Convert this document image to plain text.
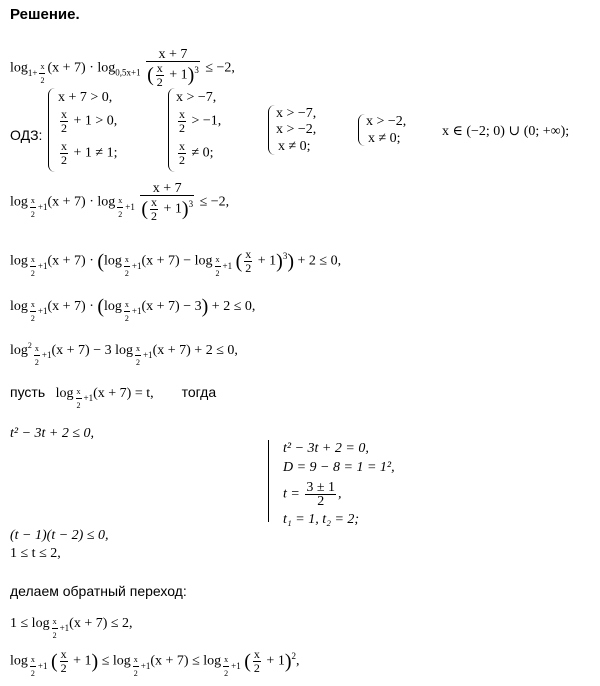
Решение.
$\log_{1+ \frac{x}{2}} (x + 7) \cdot \log_{0,5x+1} \frac{x + 7}{( \frac{x}{2} + 1)^3} \le -2$,
ОДЗ:
x + 7 > 0,
$\frac{x}{2} + 1 > 0$,
$\frac{x}{2} + 1 \ne 1$;
x > −7,
$\frac{x}{2} > -1$,
$\frac{x}{2} \ne 0$;
x > −7,
x > −2,
x ≠ 0;
x > −2,
x ≠ 0;	x ∈ (−2; 0) ∪ (0; +∞);
$\log _{\frac{x}{2} +1}(x + 7) \cdot \log _{\frac{x}{2} +1} \frac{x + 7}{( \frac{x}{2} + 1)^3} \le -2$,
log $_{\frac{x}{2} +1}$(x + 7) · (log $_{\frac{x}{2} +1}$(x + 7) − log $_{\frac{x}{2} +1}$ ( $\frac{x}{2} + 1)^3) + 2 \le 0$,
log $_{\frac{x}{2} +1}$(x + 7) · (log $_{\frac{x}{2} +1}$(x + 7) − 3) + 2 ≤ 0,
$\log^2 _{\frac{x}{2} +1}(x + 7) - 3$ log $_{\frac{x}{2} +1}$(x + 7) + 2 ≤ 0,
пусть   log $_{\frac{x}{2} +1}$(x + 7) = t, тогда
t² − 3t + 2 ≤ 0,
t² − 3t + 2 = 0,
D = 9 − 8 = 1 = 1²,
$t = \frac{3 \pm 1}{2}$ ,
t₁ = 1, t₂ = 2;
(t − 1)(t − 2) ≤ 0,
1 ≤ t ≤ 2,
делаем обратный переход:
1 ≤ log $_{\frac{x}{2} +1}$(x + 7) ≤ 2,
log $_{\frac{x}{2} +1}$ ( $\frac{x}{2} + 1) \le \log _{\frac{x}{2} +1}(x + 7) \le \log _{\frac{x}{2} +1}$ ( $\frac{x}{2} + 1)^2$,
